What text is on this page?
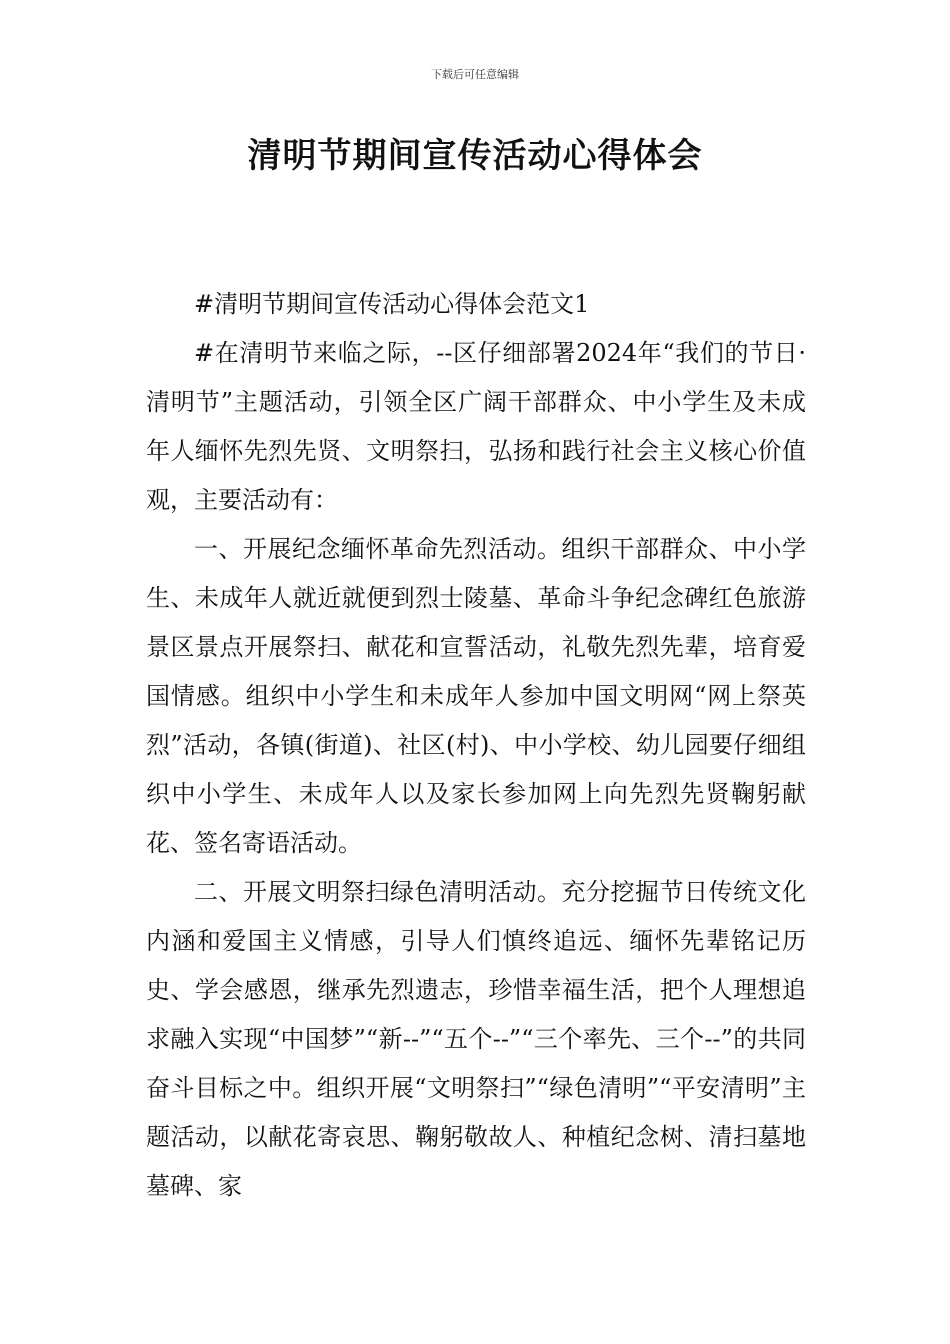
下载后可任意编辑
清明节期间宣传活动心得体会

#清明节期间宣传活动心得体会范文1

#在清明节来临之际，--区仔细部署2024年“我们的节日·清明节”主题活动，引领全区广阔干部群众、中小学生及未成年人缅怀先烈先贤、文明祭扫，弘扬和践行社会主义核心价值观，主要活动有：

一、开展纪念缅怀革命先烈活动。组织干部群众、中小学生、未成年人就近就便到烈士陵墓、革命斗争纪念碑红色旅游景区景点开展祭扫、献花和宣誓活动，礼敬先烈先辈，培育爱国情感。组织中小学生和未成年人参加中国文明网“网上祭英烈”活动，各镇(街道)、社区(村)、中小学校、幼儿园要仔细组织中小学生、未成年人以及家长参加网上向先烈先贤鞠躬献花、签名寄语活动。

二、开展文明祭扫绿色清明活动。充分挖掘节日传统文化内涵和爱国主义情感，引导人们慎终追远、缅怀先辈铭记历史、学会感恩，继承先烈遗志，珍惜幸福生活，把个人理想追求融入实现“中国梦”“新--”“五个--”“三个率先、三个--”的共同奋斗目标之中。组织开展“文明祭扫”“绿色清明”“平安清明”主题活动，以献花寄哀思、鞠躬敬故人、种植纪念树、清扫墓地墓碑、家
